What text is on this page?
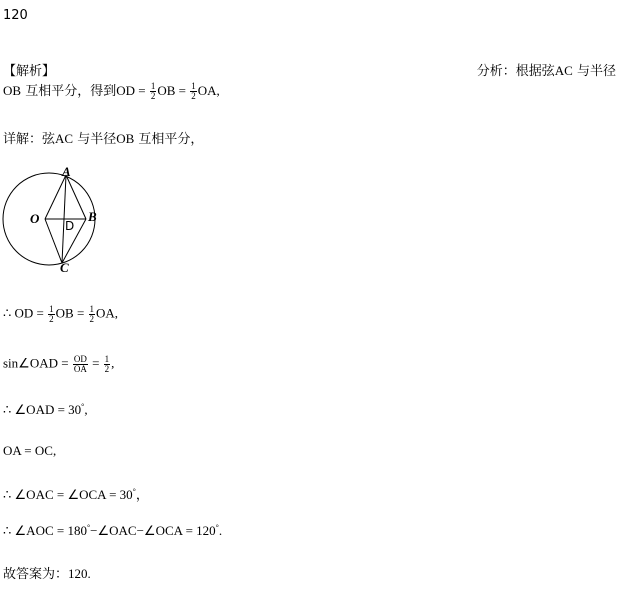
120
【解析】	分析：根据弦AC 与半径
OB 互相平分，得到OD = $\frac{1}{2}$ OB = $\frac{1}{2}$ OA,
详解：弦AC 与半径OB 互相平分，
A
O	B
D
C
∴ OD = $\frac{1}{2}$ OB = $\frac{1}{2}$ OA,
sin∠OAD = $\frac{OD}{OA} = \frac{1}{2}$ ,
∴ ∠OAD = 30°,
OA = OC,
∴ ∠OAC = ∠OCA = 30°，
∴ ∠AOC = 180°−∠OAC−∠OCA = 120°.
故答案为：120.
